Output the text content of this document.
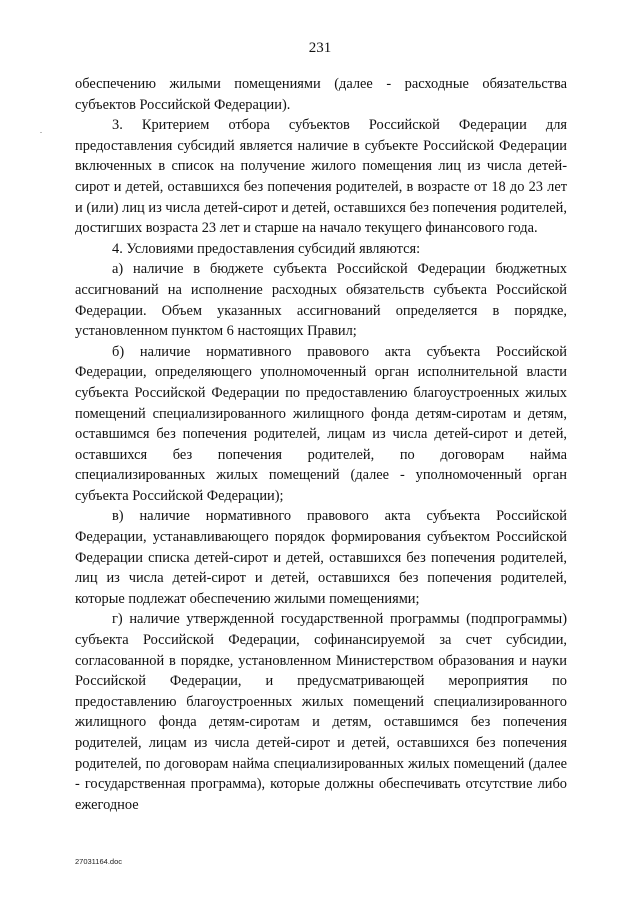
231

обеспечению жилыми помещениями (далее - расходные обязательства субъектов Российской Федерации).

3. Критерием отбора субъектов Российской Федерации для предоставления субсидий является наличие в субъекте Российской Федерации включенных в список на получение жилого помещения лиц из числа детей-сирот и детей, оставшихся без попечения родителей, в возрасте от 18 до 23 лет и (или) лиц из числа детей-сирот и детей, оставшихся без попечения родителей, достигших возраста 23 лет и старше на начало текущего финансового года.

4. Условиями предоставления субсидий являются:

а) наличие в бюджете субъекта Российской Федерации бюджетных ассигнований на исполнение расходных обязательств субъекта Российской Федерации. Объем указанных ассигнований определяется в порядке, установленном пунктом 6 настоящих Правил;

б) наличие нормативного правового акта субъекта Российской Федерации, определяющего уполномоченный орган исполнительной власти субъекта Российской Федерации по предоставлению благоустроенных жилых помещений специализированного жилищного фонда детям-сиротам и детям, оставшимся без попечения родителей, лицам из числа детей-сирот и детей, оставшихся без попечения родителей, по договорам найма специализированных жилых помещений (далее - уполномоченный орган субъекта Российской Федерации);

в) наличие нормативного правового акта субъекта Российской Федерации, устанавливающего порядок формирования субъектом Российской Федерации списка детей-сирот и детей, оставшихся без попечения родителей, лиц из числа детей-сирот и детей, оставшихся без попечения родителей, которые подлежат обеспечению жилыми помещениями;

г) наличие утвержденной государственной программы (подпрограммы) субъекта Российской Федерации, софинансируемой за счет субсидии, согласованной в порядке, установленном Министерством образования и науки Российской Федерации, и предусматривающей мероприятия по предоставлению благоустроенных жилых помещений специализированного жилищного фонда детям-сиротам и детям, оставшимся без попечения родителей, лицам из числа детей-сирот и детей, оставшихся без попечения родителей, по договорам найма специализированных жилых помещений (далее - государственная программа), которые должны обеспечивать отсутствие либо ежегодное

27031164.doc
